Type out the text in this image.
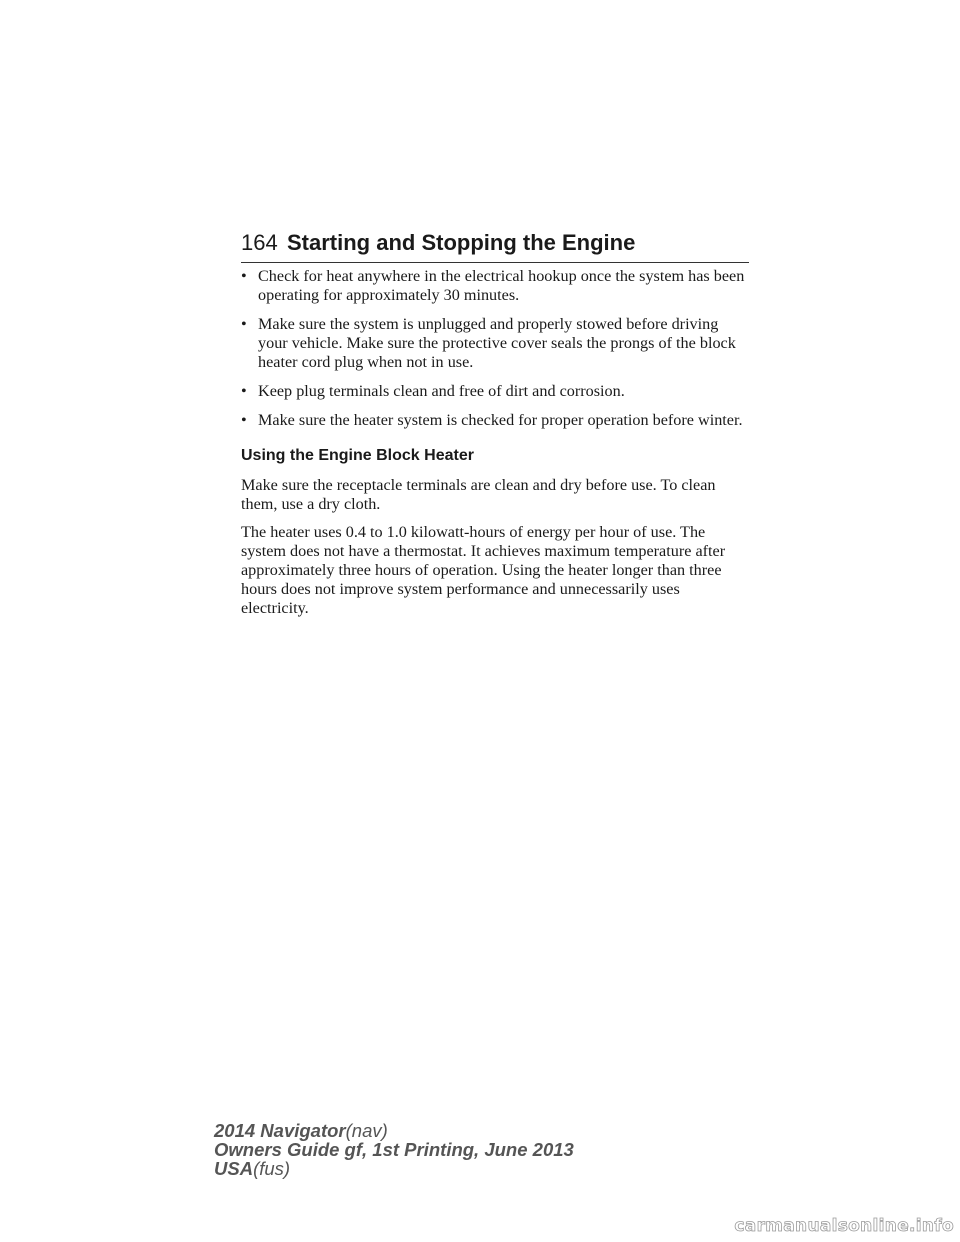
164 Starting and Stopping the Engine
• Check for heat anywhere in the electrical hookup once the system has been operating for approximately 30 minutes.
• Make sure the system is unplugged and properly stowed before driving your vehicle. Make sure the protective cover seals the prongs of the block heater cord plug when not in use.
• Keep plug terminals clean and free of dirt and corrosion.
• Make sure the heater system is checked for proper operation before winter.
Using the Engine Block Heater

Make sure the receptacle terminals are clean and dry before use. To clean them, use a dry cloth.

The heater uses 0.4 to 1.0 kilowatt-hours of energy per hour of use. The system does not have a thermostat. It achieves maximum temperature after approximately three hours of operation. Using the heater longer than three hours does not improve system performance and unnecessarily uses electricity.

2014 Navigator(nav)
Owners Guide gf, 1st Printing, June 2013
USA(fus)
carmanualsonline.info
